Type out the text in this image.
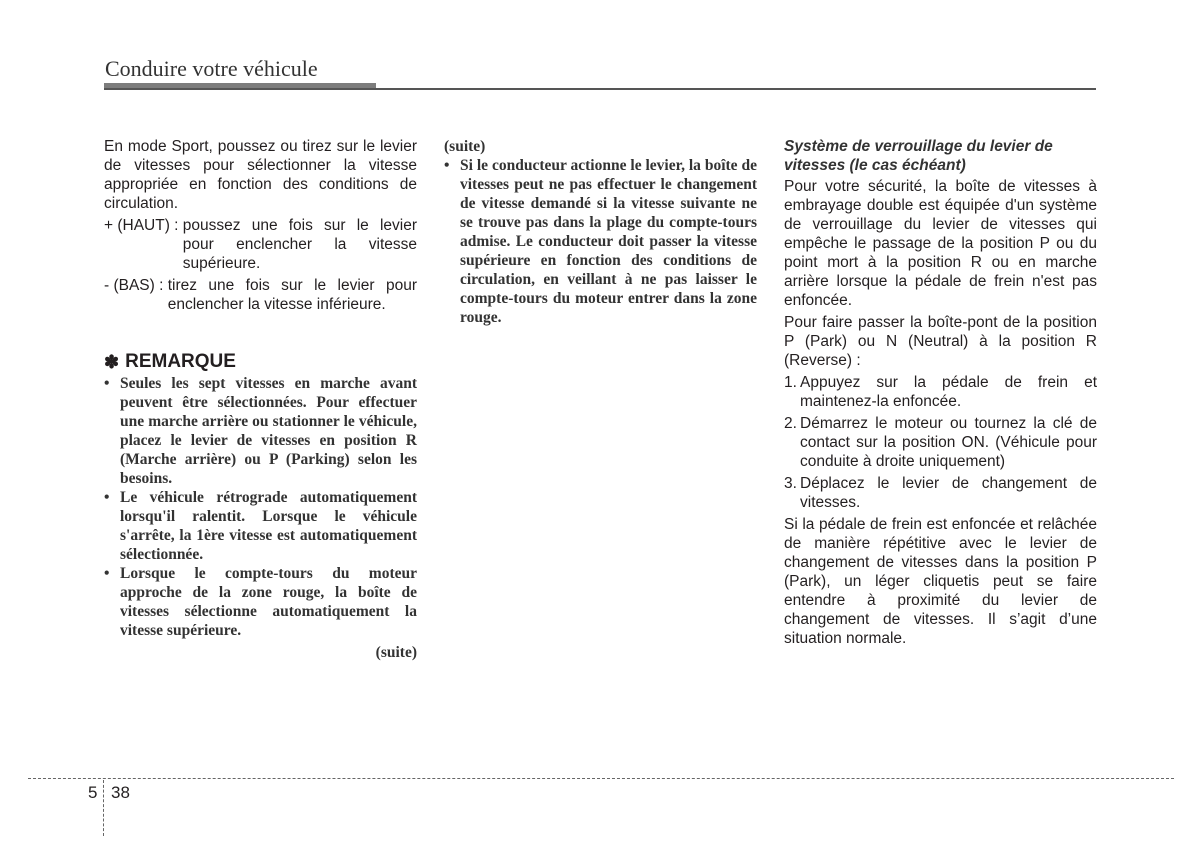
Conduire votre véhicule

En mode Sport, poussez ou tirez sur le levier de vitesses pour sélectionner la vitesse appropriée en fonction des conditions de circulation.

+ (HAUT) : poussez une fois sur le levier pour enclencher la vitesse supérieure.
- (BAS) : tirez une fois sur le levier pour enclencher la vitesse inférieure.
✽ REMARQUE
• Seules les sept vitesses en marche avant peuvent être sélectionnées. Pour effectuer une marche arrière ou stationner le véhicule, placez le levier de vitesses en position R (Marche arrière) ou P (Parking) selon les besoins.
• Le véhicule rétrograde automatiquement lorsqu'il ralentit. Lorsque le véhicule s'arrête, la 1ère vitesse est automatiquement sélectionnée.
• Lorsque le compte-tours du moteur approche de la zone rouge, la boîte de vitesses sélectionne automatiquement la vitesse supérieure.

(suite)

(suite)

• Si le conducteur actionne le levier, la boîte de vitesses peut ne pas effectuer le changement de vitesse demandé si la vitesse suivante ne se trouve pas dans la plage du compte-tours admise. Le conducteur doit passer la vitesse supérieure en fonction des conditions de circulation, en veillant à ne pas laisser le compte-tours du moteur entrer dans la zone rouge.

Système de verrouillage du levier de vitesses (le cas échéant)

Pour votre sécurité, la boîte de vitesses à embrayage double est équipée d'un système de verrouillage du levier de vitesses qui empêche le passage de la position P ou du point mort à la position R ou en marche arrière lorsque la pédale de frein n'est pas enfoncée.

Pour faire passer la boîte-pont de la position P (Park) ou N (Neutral) à la position R (Reverse) :

1. Appuyez sur la pédale de frein et maintenez-la enfoncée.
2. Démarrez le moteur ou tournez la clé de contact sur la position ON. (Véhicule pour conduite à droite uniquement)
3. Déplacez le levier de changement de vitesses.

Si la pédale de frein est enfoncée et relâchée de manière répétitive avec le levier de changement de vitesses dans la position P (Park), un léger cliquetis peut se faire entendre à proximité du levier de changement de vitesses. Il s’agit d’une situation normale.

5 38
